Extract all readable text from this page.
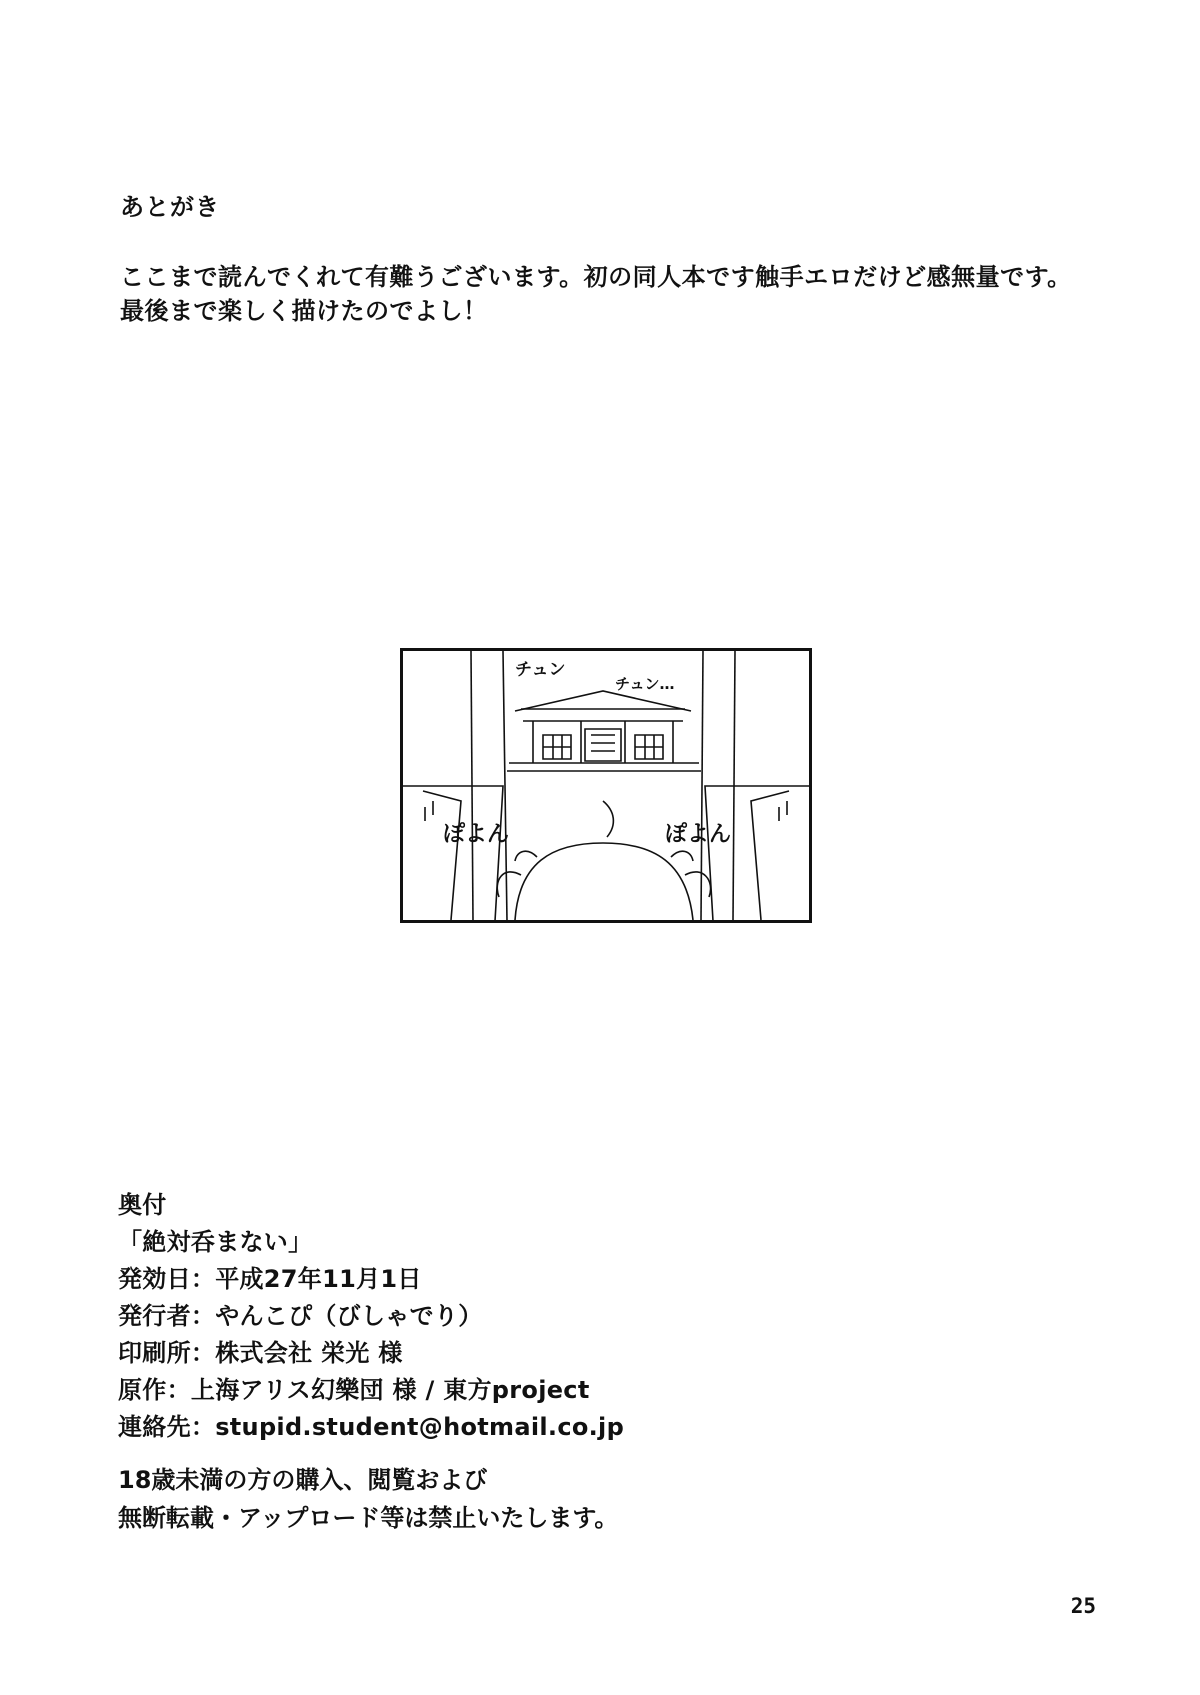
あとがき

ここまで読んでくれて有難うございます。初の同人本です触手エロだけど感無量です。

最後まで楽しく描けたのでよし！

チュン
チュン…
ぽよん	ぽよん
奥付
「絶対呑まない」
発効日：平成27年11月1日
発行者：やんこぴ（びしゃでり）
印刷所：株式会社 栄光 様
原作：上海アリス幻樂団 様 / 東方project
連絡先：stupid.student@hotmail.co.jp
18歳未満の方の購入、閲覧および
無断転載・アップロード等は禁止いたします。
25
